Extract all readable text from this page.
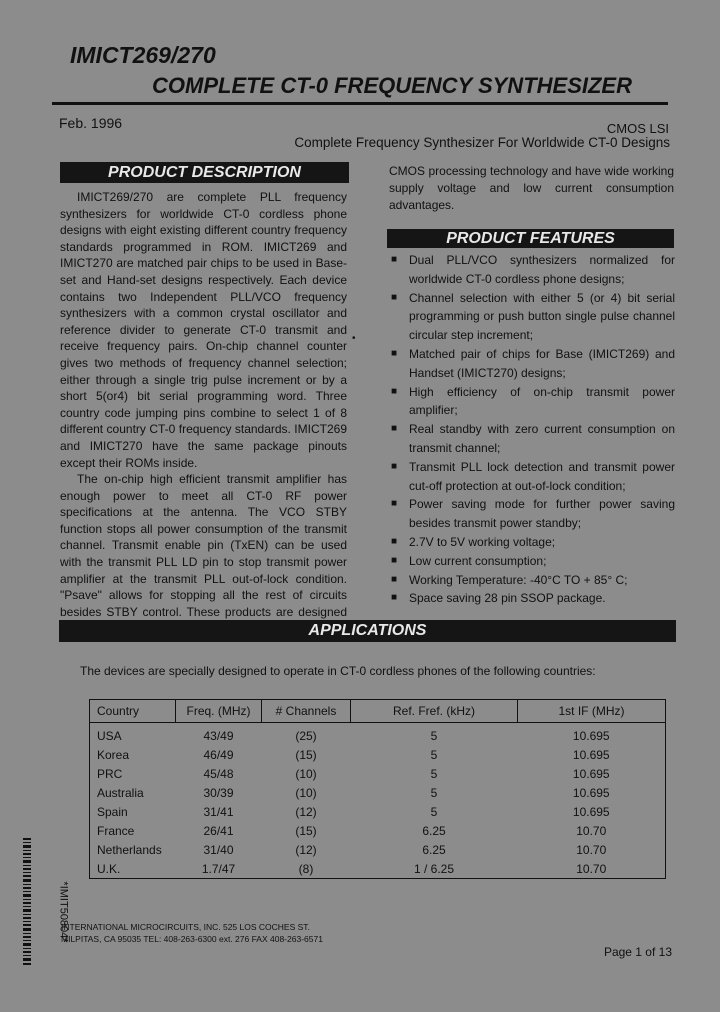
IMICT269/270
COMPLETE CT-0 FREQUENCY SYNTHESIZER
Feb. 1996	CMOS LSI
Complete Frequency Synthesizer For Worldwide CT-0 Designs
PRODUCT DESCRIPTION

IMICT269/270 are complete PLL frequency synthesizers for worldwide CT-0 cordless phone designs with eight existing different country frequency standards programmed in ROM. IMICT269 and IMICT270 are matched pair chips to be used in Base-set and Hand-set designs respectively. Each device contains two Independent PLL/VCO frequency synthesizers with a common crystal oscillator and reference divider to generate CT-0 transmit and receive frequency pairs. On-chip channel counter gives two methods of frequency channel selection; either through a single trig pulse increment or by a short 5(or4) bit serial programming word. Three country code jumping pins combine to select 1 of 8 different country CT-0 frequency standards. IMICT269 and IMICT270 have the same package pinouts except their ROMs inside.

The on-chip high efficient transmit amplifier has enough power to meet all CT-0 RF power specifications at the antenna. The VCO STBY function stops all power consumption of the transmit channel. Transmit enable pin (TxEN) can be used with the transmit PLL LD pin to stop transmit power amplifier at the transmit PLL out-of-lock condition. "Psave" allows for stopping all the rest of circuits besides STBY control. These products are designed

•
CMOS processing technology and have wide working supply voltage and low current consumption advantages.
PRODUCT FEATURES
■ Dual PLL/VCO synthesizers normalized for worldwide CT-0 cordless phone designs;
■ Channel selection with either 5 (or 4) bit serial programming or push button single pulse channel circular step increment;
■ Matched pair of chips for Base (IMICT269) and Handset (IMICT270) designs;
■ High efficiency of on-chip transmit power amplifier;
■ Real standby with zero current consumption on transmit channel;
■ Transmit PLL lock detection and transmit power cut-off protection at out-of-lock condition;
■ Power saving mode for further power saving besides transmit power standby;
■ 2.7V to 5V working voltage;
■ Low current consumption;
■ Working Temperature: -40°C TO + 85° C;
■ Space saving 28 pin SSOP package.
APPLICATIONS
The devices are specially designed to operate in CT-0 cordless phones of the following countries:
Country	Freq. (MHz)	# Channels	Ref. Fref. (kHz)	1st IF (MHz)
USA	43/49	(25)	5	10.695
Korea	46/49	(15)	5	10.695
PRC	45/48	(10)	5	10.695
Australia	30/39	(10)	5	10.695
Spain	31/41	(12)	5	10.695
France	26/41	(15)	6.25	10.70
Netherlands	31/40	(12)	6.25	10.70
U.K.	1.7/47	(8)	1 / 6.25	10.70
*IMIT50804*
INTERNATIONAL MICROCIRCUITS, INC. 525 LOS COCHES ST.
MILPITAS, CA 95035 TEL: 408-263-6300 ext. 276 FAX 408-263-6571
Page 1 of 13
